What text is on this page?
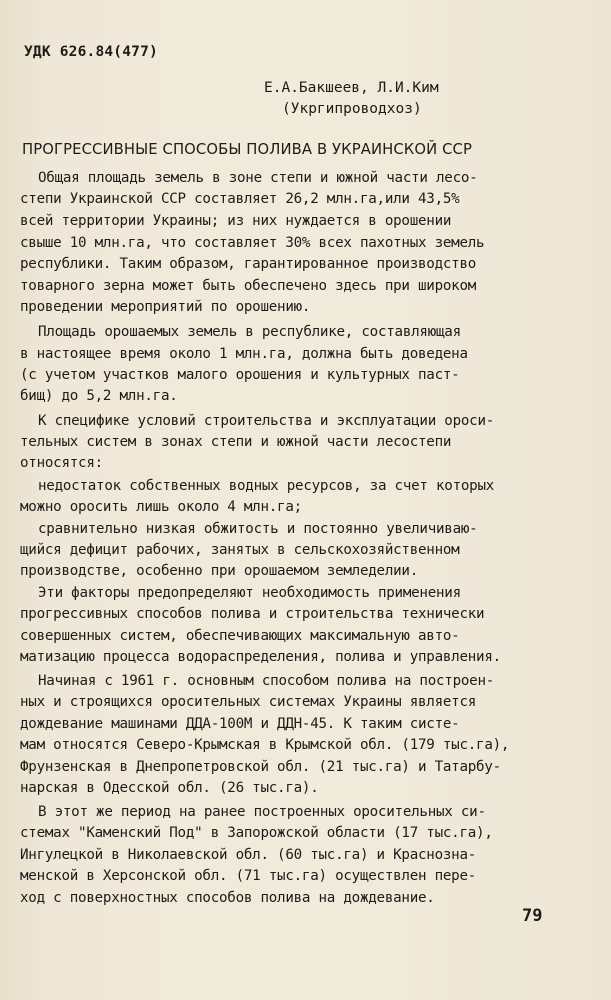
УДК 626.84(477)
Е.А.Бакшеев, Л.И.Ким
(Укргипроводхоз)
ПРОГРЕССИВНЫЕ СПОСОБЫ ПОЛИВА В УКРАИНСКОЙ ССР
Общая площадь земель в зоне степи и южной части лесо-
степи Украинской ССР составляет 26,2 млн.га,или 43,5%
всей территории Украины; из них нуждается в орошении
свыше 10 млн.га, что составляет 30% всех пахотных земель
республики. Таким образом, гарантированное производство
товарного зерна может быть обеспечено здесь при широком
проведении мероприятий по орошению.
Площадь орошаемых земель в республике, составляющая
в настоящее время около 1 млн.га, должна быть доведена
(с учетом участков малого орошения и культурных паст-
бищ) до 5,2 млн.га.
К специфике условий строительства и эксплуатации ороси-
тельных систем в зонах степи и южной части лесостепи
относятся:
недостаток собственных водных ресурсов, за счет которых
можно оросить лишь около 4 млн.га;
сравнительно низкая обжитость и постоянно увеличиваю-
щийся дефицит рабочих, занятых в сельскохозяйственном
производстве, особенно при орошаемом земледелии.
Эти факторы предопределяют необходимость применения
прогрессивных способов полива и строительства технически
совершенных систем, обеспечивающих максимальную авто-
матизацию процесса водораспределения, полива и управления.
Начиная с 1961 г. основным способом полива на построен-
ных и строящихся оросительных системах Украины является
дождевание машинами ДДА-100М и ДДН-45. К таким систе-
мам относятся Северо-Крымская в Крымской обл. (179 тыс.га),
Фрунзенская в Днепропетровской обл. (21 тыс.га) и Татарбу-
нарская в Одесской обл. (26 тыс.га).
В этот же период на ранее построенных оросительных си-
стемах "Каменский Под" в Запорожской области (17 тыс.га),
Ингулецкой в Николаевской обл. (60 тыс.га) и Краснозна-
менской в Херсонской обл. (71 тыс.га) осуществлен пере-
ход с поверхностных способов полива на дождевание.
79
